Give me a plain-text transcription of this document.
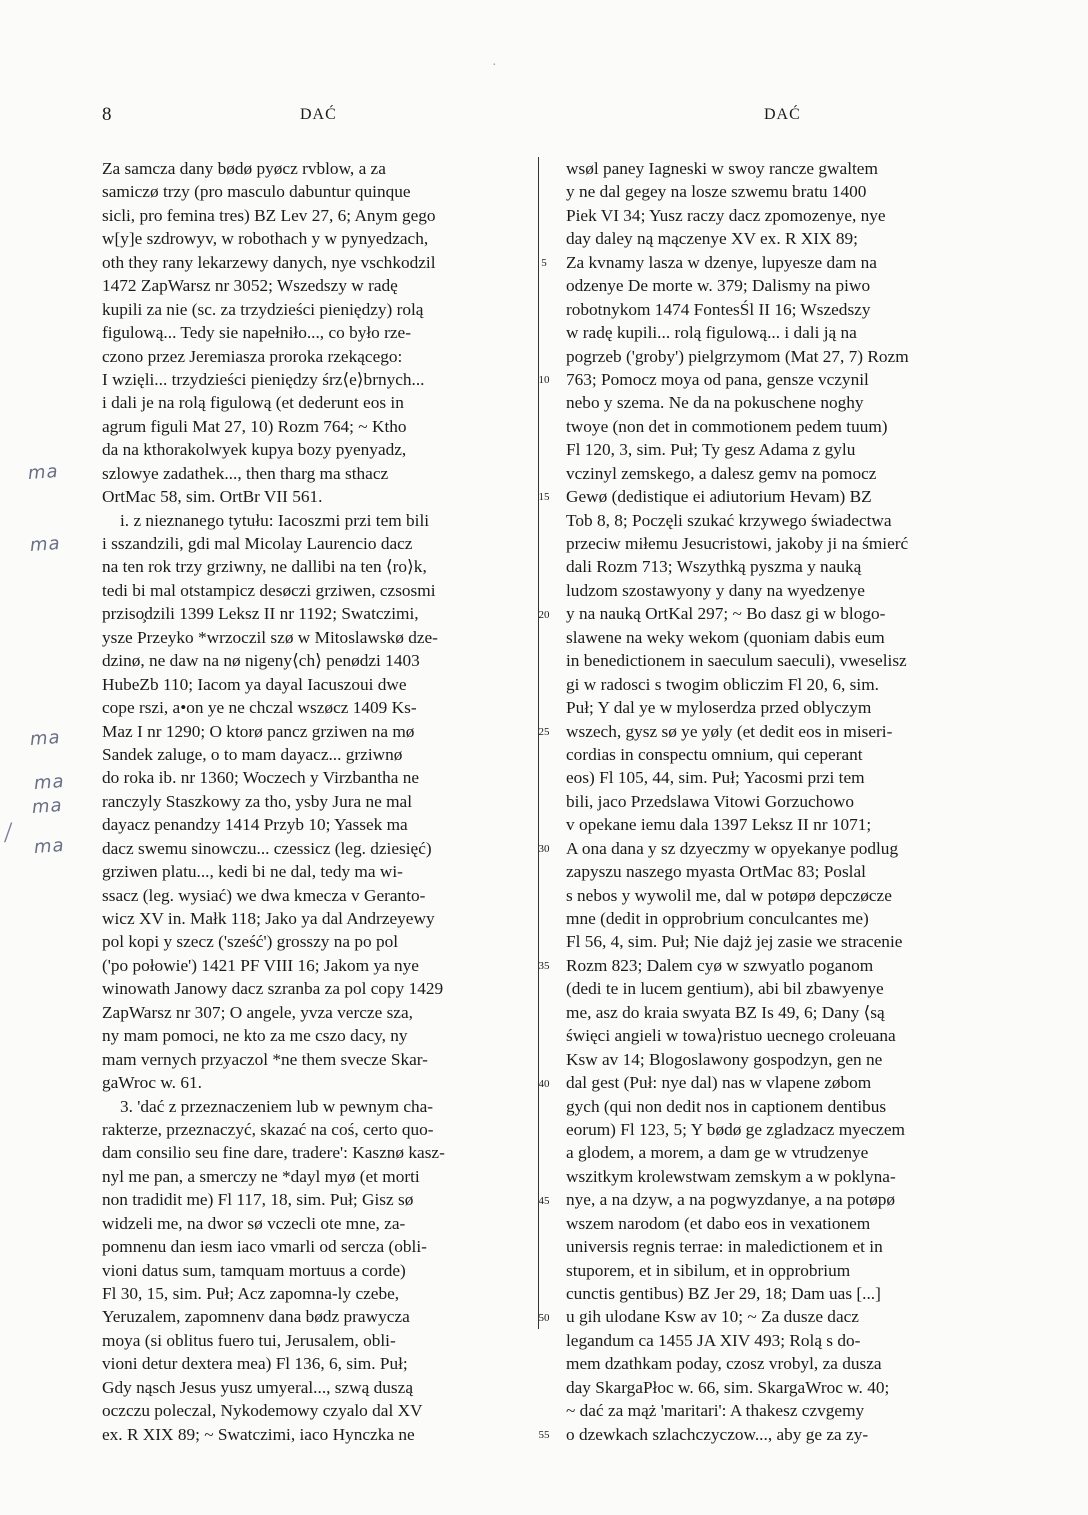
8	DAĆ	DAĆ
Za samcza dany bødø pyøcz rvblow, a za
samiczø trzy (pro masculo dabuntur quinque
sicli, pro femina tres) BZ Lev 27, 6; Anym gego
w[y]e szdrowyv, w robothach y w pynyedzach,
oth they rany lekarzewy danych, nye vschkodzil
1472 ZapWarsz nr 3052; Wszedszy w radę
kupili za nie (sc. za trzydzieści pieniędzy) rolą
figulową... Tedy sie napełniło..., co było rze-
czono przez Jeremiasza proroka rzekącego:
I wzięli... trzydzieści pieniędzy śrz⟨e⟩brnych...
i dali je na rolą figulową (et dederunt eos in
agrum figuli Mat 27, 10) Rozm 764; ~ Ktho
da na kthorakolwyek kupya bozy pyenyadz,
szlowye zadathek..., then tharg ma sthacz
OrtMac 58, sim. OrtBr VII 561.
i. z nieznanego tytułu: Iacoszmi przi tem bili
i sszandzili, gdi mal Micolay Laurencio dacz
na ten rok trzy grziwny, ne dallibi na ten ⟨ro⟩k,
tedi bi mal otstampicz desøczi grziwen, czsosmi
prziso̧dzili 1399 Leksz II nr 1192; Swatczimi,
ysze Przeyko *wrzoczil szø w Mitoslawskø dze-
dzinø, ne daw na nø nigeny⟨ch⟩ penødzi 1403
HubeZb 110; Iacom ya dayal Iacuszoui dwe
cope rszi, a•on ye ne chczal wszøcz 1409 Ks-
Maz I nr 1290; O ktorø pancz grziwen na mø
Sandek zaluge, o to mam dayacz... grziwnø
do roka ib. nr 1360; Woczech y Virzbantha ne
ranczyly Staszkowy za tho, ysby Jura ne mal
dayacz penandzy 1414 Przyb 10; Yassek ma
dacz swemu sinowczu... czessicz (leg. dziesięć)
grziwen platu..., kedi bi ne dal, tedy ma wi-
ssacz (leg. wysiać) we dwa kmecza v Geranto-
wicz XV in. Małk 118; Jako ya dal Andrzeyewy
pol kopi y szecz ('sześć') grosszy na po pol
('po połowie') 1421 PF VIII 16; Jakom ya nye
winowath Janowy dacz szranba za pol copy 1429
ZapWarsz nr 307; O angele, yvza vercze sza,
ny mam pomoci, ne kto za me cszo dacy, ny
mam vernych przyaczol *ne them svecze Skar-
gaWroc w. 61.
3. 'dać z przeznaczeniem lub w pewnym cha-
rakterze, przeznaczyć, skazać na coś, certo quo-
dam consilio seu fine dare, tradere': Kasznø kasz-
nyl me pan, a smerczy ne *dayl myø (et morti
non tradidit me) Fl 117, 18, sim. Puł; Gisz sø
widzeli me, na dwor sø vczecli ote mne, za-
pomnenu dan iesm iaco vmarli od sercza (obli-
vioni datus sum, tamquam mortuus a corde)
Fl 30, 15, sim. Puł; Acz zapomna-ly czebe,
Yeruzalem, zapomnenv dana bødz prawycza
moya (si oblitus fuero tui, Jerusalem, obli-
vioni detur dextera mea) Fl 136, 6, sim. Puł;
Gdy nąsch Jesus yusz umyeral..., szwą duszą
oczczu poleczal, Nykodemowy czyalo dal XV
ex. R XIX 89; ~ Swatczimi, iaco Hynczka ne
5
10
15
20
25
30
35
40
45
50
55
wsøl paney Iagneski w swoy rancze gwaltem
y ne dal gegey na losze szwemu bratu 1400
Piek VI 34; Yusz raczy dacz zpomozenye, nye
day daley ną mączenye XV ex. R XIX 89;
Za kvnamy lasza w dzenye, lupyesze dam na
odzenye De morte w. 379; Dalismy na piwo
robotnykom 1474 FontesŚl II 16; Wszedszy
w radę kupili... rolą figulową... i dali ją na
pogrzeb ('groby') pielgrzymom (Mat 27, 7) Rozm
763; Pomocz moya od pana, gensze vczynil
nebo y szema. Ne da na pokuschene noghy
twoye (non det in commotionem pedem tuum)
Fl 120, 3, sim. Puł; Ty gesz Adama z gylu
vczinyl zemskego, a dalesz gemv na pomocz
Gewø (dedistique ei adiutorium Hevam) BZ
Tob 8, 8; Poczęli szukać krzywego świadectwa
przeciw miłemu Jesucristowi, jakoby ji na śmierć
dali Rozm 713; Wszythką pyszma y nauką
ludzom szostawyony y dany na wyedzenye
y na nauką OrtKal 297; ~ Bo dasz gi w blogo-
slawene na weky wekom (quoniam dabis eum
in benedictionem in saeculum saeculi), vweselisz
gi w radosci s twogim obliczim Fl 20, 6, sim.
Puł; Y dal ye w myloserdza przed oblyczym
wszech, gysz sø ye yøly (et dedit eos in miseri-
cordias in conspectu omnium, qui ceperant
eos) Fl 105, 44, sim. Puł; Yacosmi przi tem
bili, jaco Przedslawa Vitowi Gorzuchowo
v opekane iemu dala 1397 Leksz II nr 1071;
A ona dana y sz dzyeczmy w opyekanye podlug
zapyszu naszego myasta OrtMac 83; Poslal
s nebos y wywolil me, dal w potøpø depczøcze
mne (dedit in opprobrium conculcantes me)
Fl 56, 4, sim. Puł; Nie dajż jej zasie we stracenie
Rozm 823; Dalem cyø w szwyatlo poganom
(dedi te in lucem gentium), abi bil zbawyenye
me, asz do kraia swyata BZ Is 49, 6; Dany ⟨są
święci angieli w towa⟩ristuo uecnego croleuana
Ksw av 14; Blogoslawony gospodzyn, gen ne
dal gest (Puł: nye dal) nas w vlapene zøbom
gych (qui non dedit nos in captionem dentibus
eorum) Fl 123, 5; Y bødø ge zgladzacz myeczem
a glodem, a morem, a dam ge w vtrudzenye
wszitkym krolewstwam zemskym a w poklyna-
nye, a na dzyw, a na pogwyzdanye, a na potøpø
wszem narodom (et dabo eos in vexationem
universis regnis terrae: in maledictionem et in
stuporem, et in sibilum, et in opprobrium
cunctis gentibus) BZ Jer 29, 18; Dam uas [...]
u gih ulodane Ksw av 10; ~ Za dusze dacz
legandum ca 1455 JA XIV 493; Rolą s do-
mem dzathkam poday, czosz vrobyl, za dusza
day SkargaPłoc w. 66, sim. SkargaWroc w. 40;
~ dać za mąż 'maritari': A thakesz czvgemy
o dzewkach szlachczyczow..., aby ge za zy-
ma
ma
ma
ma
ma
ma
/
·
